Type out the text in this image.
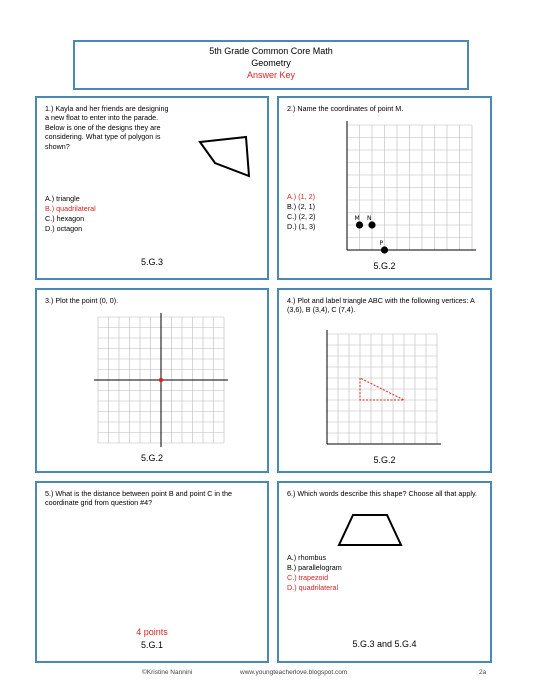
5th Grade Common Core Math
Geometry
Answer Key
1.) Kayla and her friends are designing a new float to enter into the parade. Below is one of the designs they are considering. What type of polygon is shown?
A.) triangle
B.) quadrilateral
C.) hexagon
D.) octagon
5.G.3
2.) Name the coordinates of point M.
M N
P
A.) (1, 2)
B.) (2, 1)
C.) (2, 2)
D.) (1, 3)
5.G.2
3.) Plot the point (0, 0).
5.G.2
4.) Plot and label triangle ABC with the following vertices: A (3,6), B (3,4), C (7,4).
5.G.2
5.) What is the distance between point B and point C in the coordinate grid from question #4?
4 points
5.G.1
6.) Which words describe this shape? Choose all that apply.
A.) rhombus
B.) parallelogram
C.) trapezoid
D.) quadrilateral
5.G.3 and 5.G.4
©Kristine Nannini	www.youngteacherlove.blogspot.com	2a
